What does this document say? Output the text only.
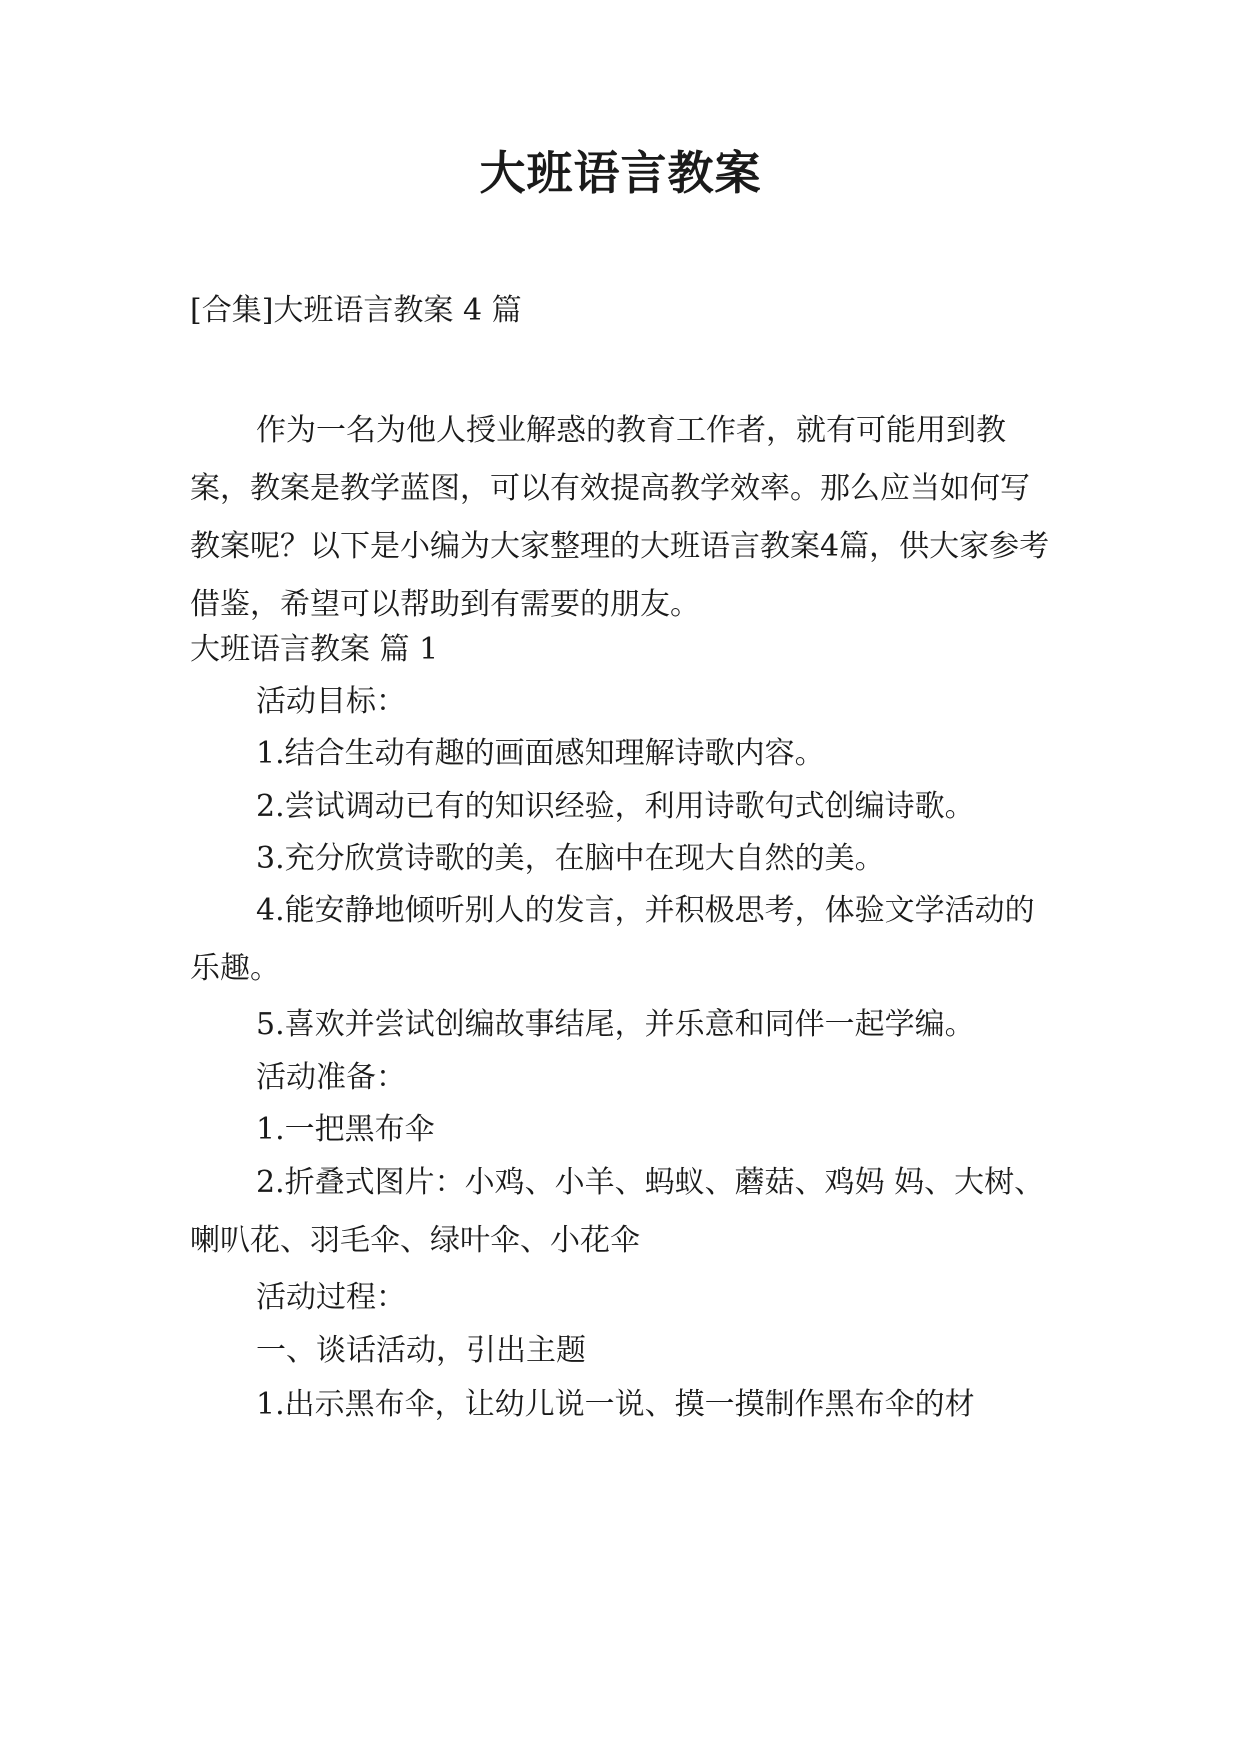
大班语言教案
[合集]大班语言教案 4 篇
作为一名为他人授业解惑的教育工作者，就有可能用到教案，教案是教学蓝图，可以有效提高教学效率。那么应当如何写教案呢？以下是小编为大家整理的大班语言教案4篇，供大家参考借鉴，希望可以帮助到有需要的朋友。
大班语言教案 篇 1
活动目标：
1.结合生动有趣的画面感知理解诗歌内容。
2.尝试调动已有的知识经验，利用诗歌句式创编诗歌。
3.充分欣赏诗歌的美，在脑中在现大自然的美。
4.能安静地倾听别人的发言，并积极思考，体验文学活动的乐趣。
5.喜欢并尝试创编故事结尾，并乐意和同伴一起学编。
活动准备：
1.一把黑布伞
2.折叠式图片：小鸡、小羊、蚂蚁、蘑菇、鸡妈 妈、大树、喇叭花、羽毛伞、绿叶伞、小花伞
活动过程：
一、谈话活动，引出主题
1.出示黑布伞，让幼儿说一说、摸一摸制作黑布伞的材
